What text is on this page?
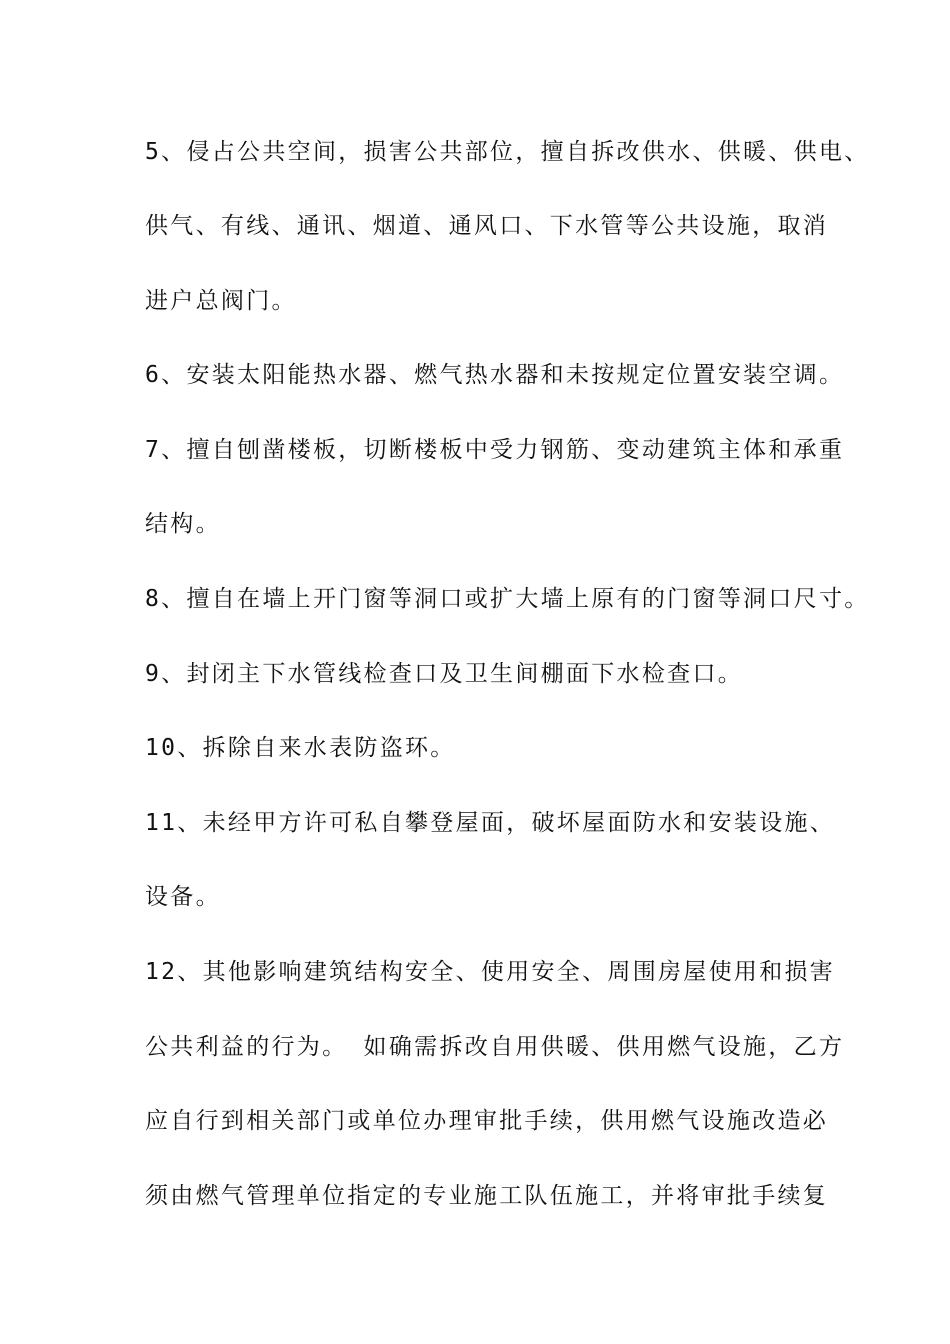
5、侵占公共空间，损害公共部位，擅自拆改供水、供暖、供电、
供气、有线、通讯、烟道、通风口、下水管等公共设施，取消
进户总阀门。
6、安装太阳能热水器、燃气热水器和未按规定位置安装空调。
7、擅自刨凿楼板，切断楼板中受力钢筋、变动建筑主体和承重
结构。
8、擅自在墙上开门窗等洞口或扩大墙上原有的门窗等洞口尺寸。
9、封闭主下水管线检查口及卫生间棚面下水检查口。
10、拆除自来水表防盗环。
11、未经甲方许可私自攀登屋面，破坏屋面防水和安装设施、
设备。
12、其他影响建筑结构安全、使用安全、周围房屋使用和损害
公共利益的行为。 如确需拆改自用供暖、供用燃气设施，乙方
应自行到相关部门或单位办理审批手续，供用燃气设施改造必
须由燃气管理单位指定的专业施工队伍施工，并将审批手续复
